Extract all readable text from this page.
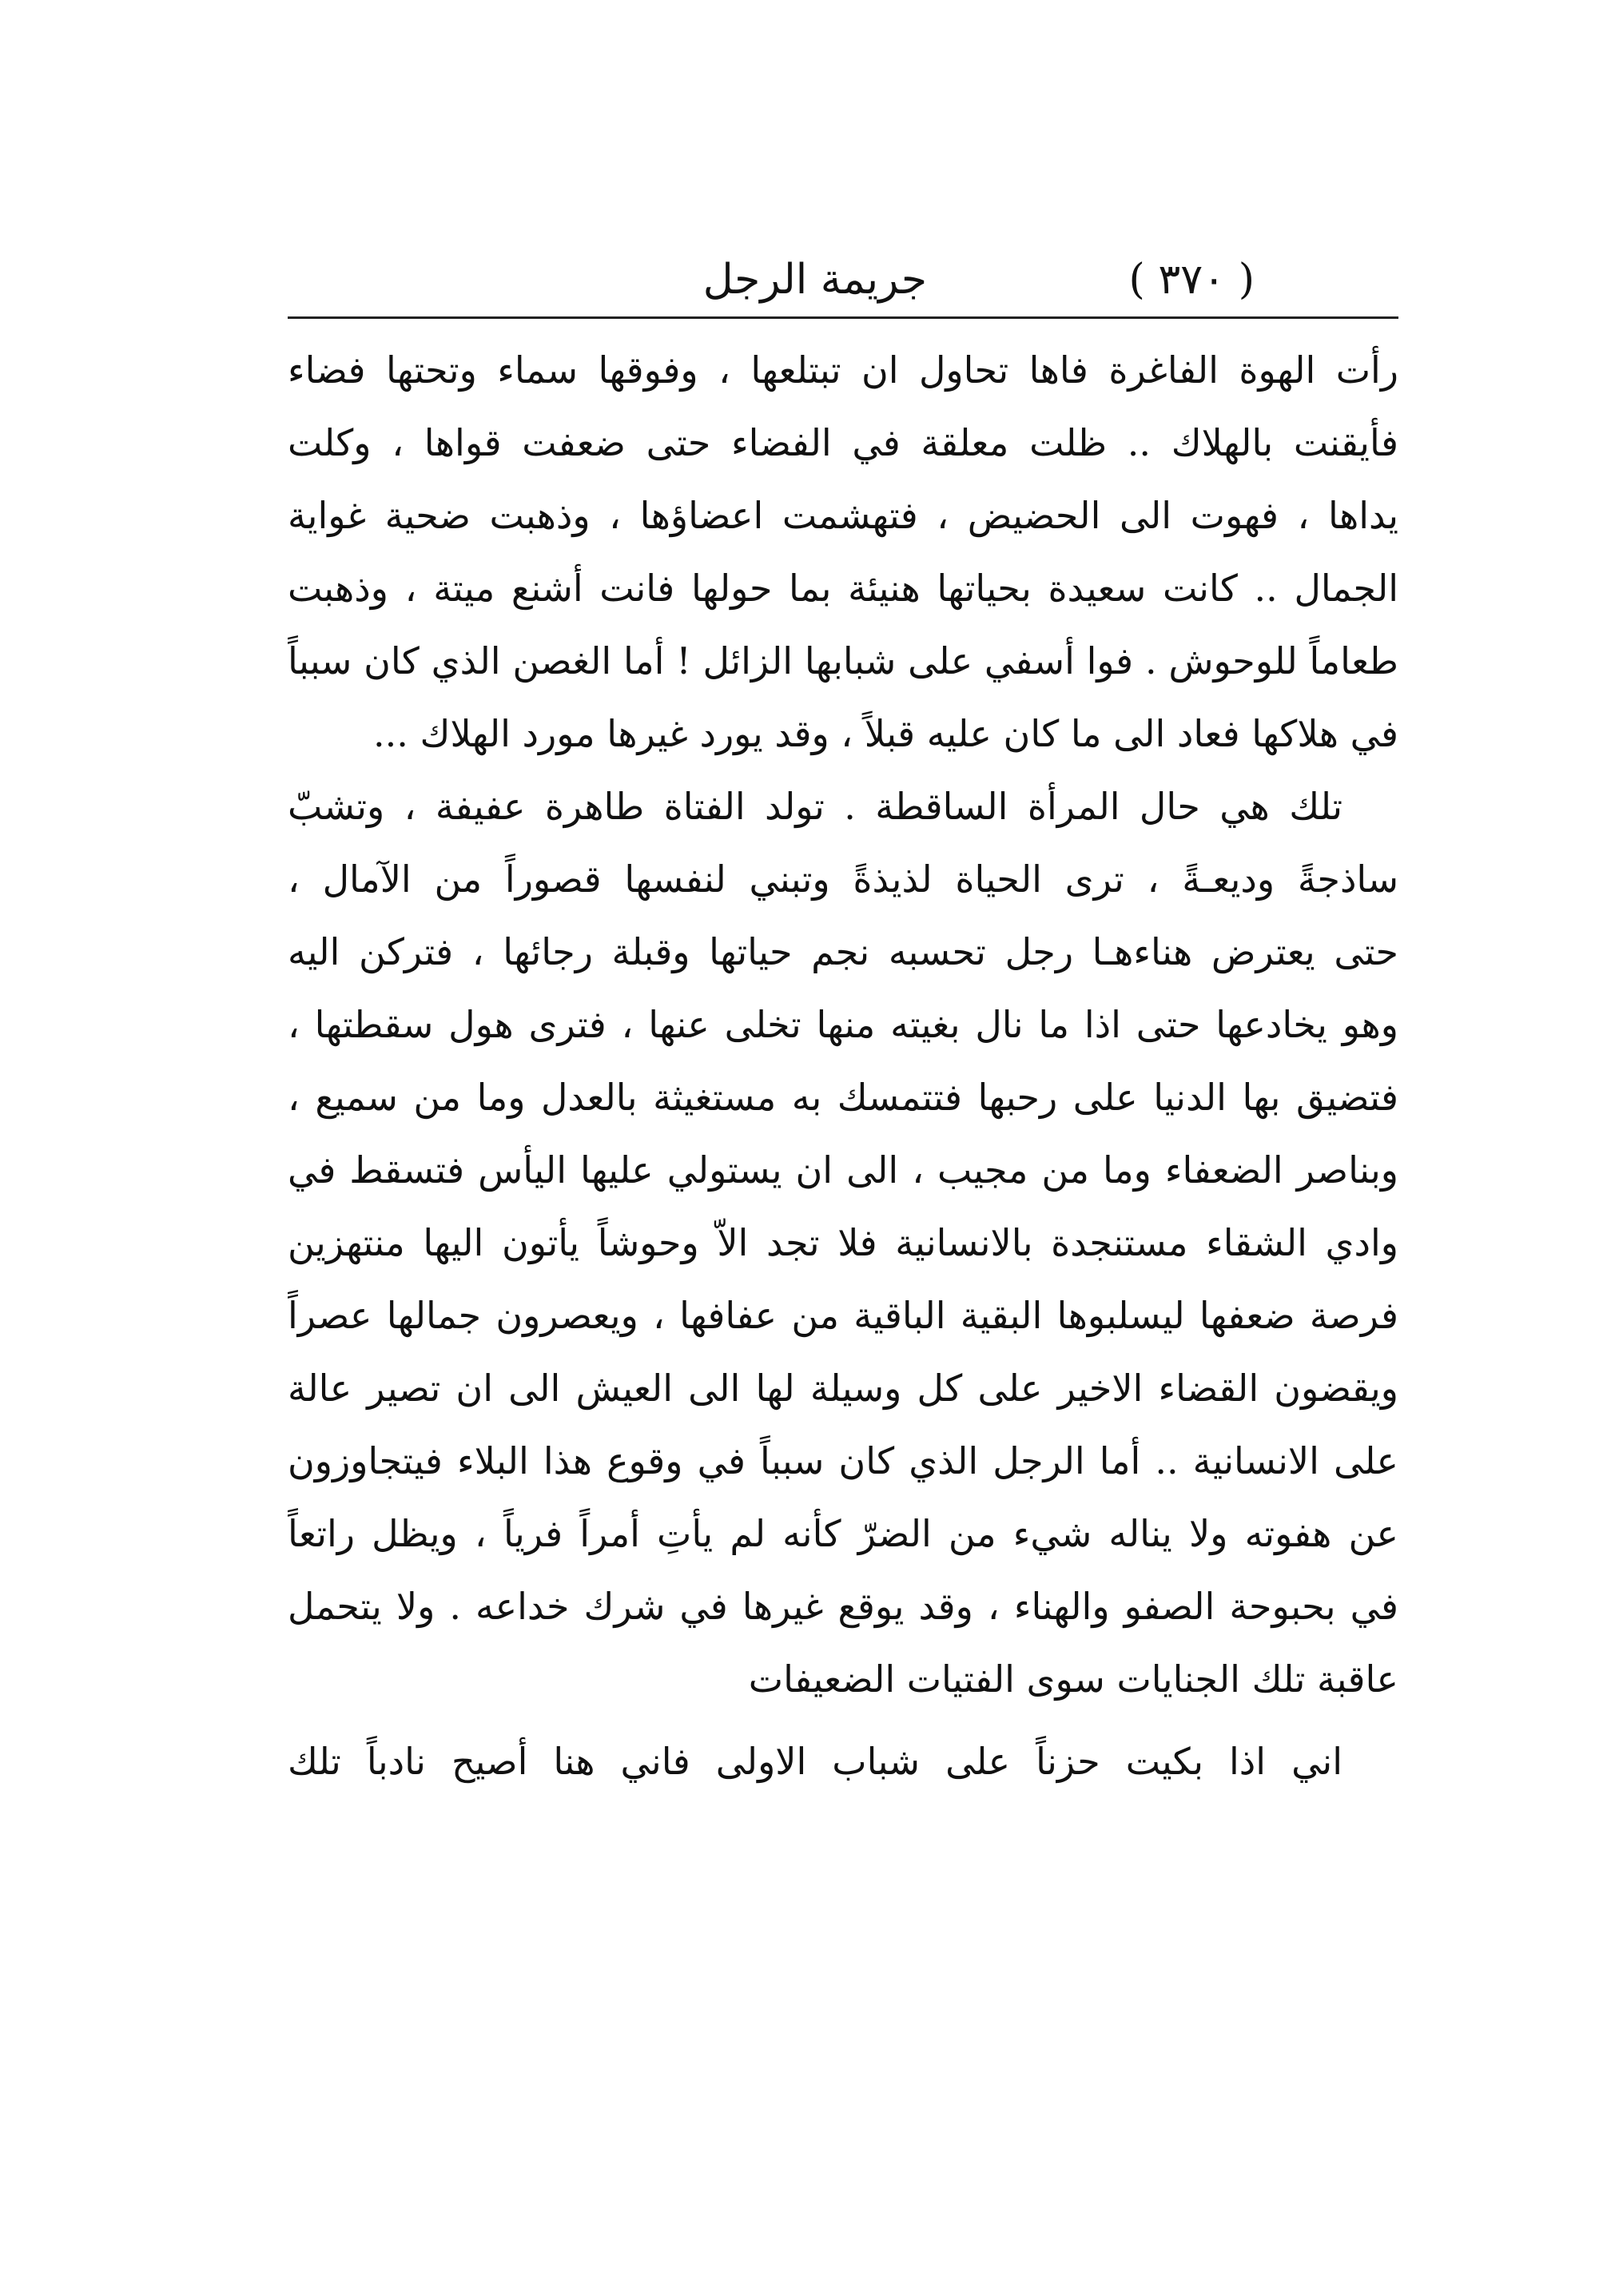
( ٣٧٠ )
جريمة الرجل
رأت الهوة الفاغرة فاها تحاول ان تبتلعها ، وفوقها سماء وتحتها فضاء
فأيقنت بالهلاك .. ظلت معلقة في الفضاء حتى ضعفت قواها ، وكلت
يداها ، فهوت الى الحضيض ، فتهشمت اعضاؤها ، وذهبت ضحية غواية
الجمال .. كانت سعيدة بحياتها هنيئة بما حولها فانت أشنع ميتة ، وذهبت
طعاماً للوحوش . فوا أسفي على شبابها الزائل ! أما الغصن الذي كان سبباً
في هلاكها فعاد الى ما كان عليه قبلاً ، وقد يورد غيرها مورد الهلاك ...
تلك هي حال المرأة الساقطة . تولد الفتاة طاهرة عفيفة ، وتشبّ
ساذجةً وديعـةً ، ترى الحياة لذيذةً وتبني لنفسها قصوراً من الآمال ،
حتى يعترض هناءهـا رجل تحسبه نجم حياتها وقبلة رجائها ، فتركن اليه
وهو يخادعها حتى اذا ما نال بغيته منها تخلى عنها ، فترى هول سقطتها ،
فتضيق بها الدنيا على رحبها فتتمسك به مستغيثة بالعدل وما من سميع ،
وبناصر الضعفاء وما من مجيب ، الى ان يستولي عليها اليأس فتسقط في
وادي الشقاء مستنجدة بالانسانية فلا تجد الاّ وحوشاً يأتون اليها منتهزين
فرصة ضعفها ليسلبوها البقية الباقية من عفافها ، ويعصرون جمالها عصراً
ويقضون القضاء الاخير على كل وسيلة لها الى العيش الى ان تصير عالة
على الانسانية .. أما الرجل الذي كان سبباً في وقوع هذا البلاء فيتجاوزون
عن هفوته ولا يناله شيء من الضرّ كأنه لم يأتِ أمراً فرياً ، ويظل راتعاً
في بحبوحة الصفو والهناء ، وقد يوقع غيرها في شرك خداعه . ولا يتحمل
عاقبة تلك الجنايات سوى الفتيات الضعيفات
اني اذا بكيت حزناً على شباب الاولى فاني هنا أصيح نادباً تلك
